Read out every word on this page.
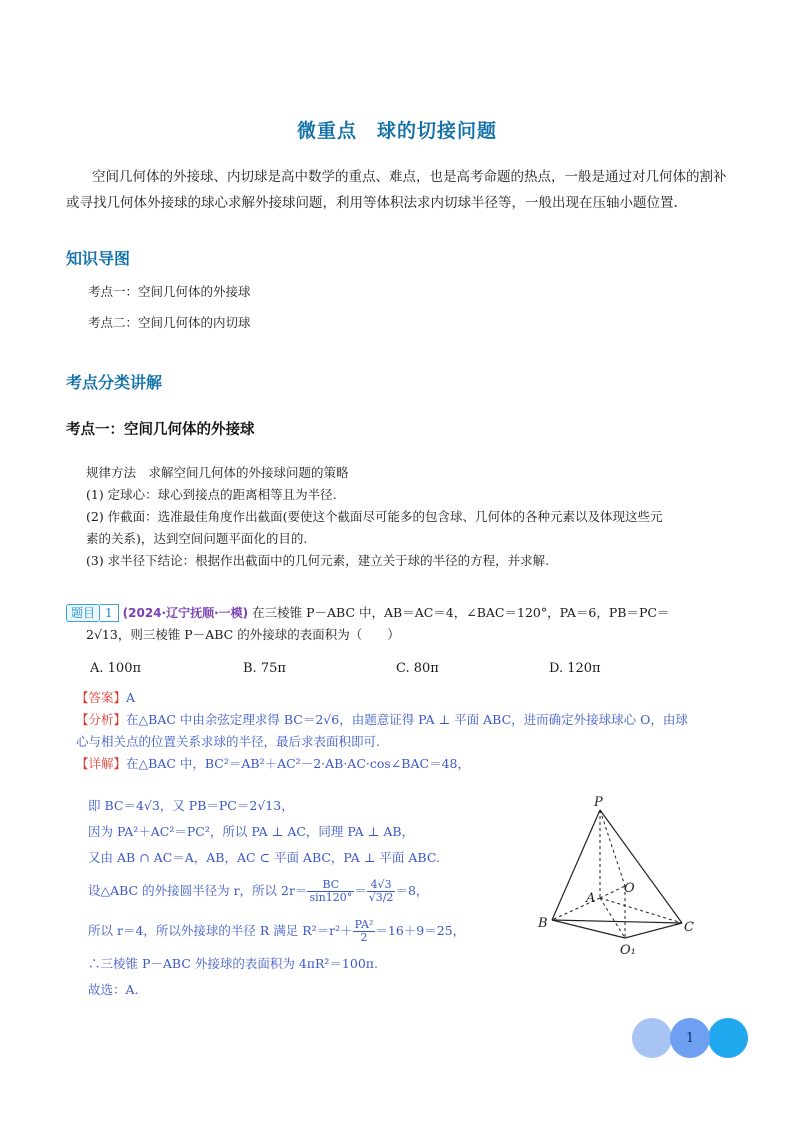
微重点　球的切接问题
空间几何体的外接球、内切球是高中数学的重点、难点，也是高考命题的热点，一般是通过对几何体的割补
或寻找几何体外接球的球心求解外接球问题，利用等体积法求内切球半径等，一般出现在压轴小题位置.
知识导图
考点一：空间几何体的外接球
考点二：空间几何体的内切球
考点分类讲解
考点一：空间几何体的外接球
规律方法　求解空间几何体的外接球问题的策略
(1) 定球心：球心到接点的距离相等且为半径.
(2) 作截面：选准最佳角度作出截面(要使这个截面尽可能多的包含球、几何体的各种元素以及体现这些元
素的关系)，达到空间问题平面化的目的.
(3) 求半径下结论：根据作出截面中的几何元素，建立关于球的半径的方程，并求解.
题目 1 (2024·辽宁抚顺·一模) 在三棱锥 P－ABC 中，AB＝AC＝4，∠BAC＝120°，PA＝6，PB＝PC＝
2√13，则三棱锥 P－ABC 的外接球的表面积为（　　）
A. 100π	B. 75π	C. 80π	D. 120π
【答案】A
【分析】在△BAC 中由余弦定理求得 BC＝2√6，由题意证得 PA ⊥ 平面 ABC，进而确定外接球球心 O，由球
心与相关点的位置关系求球的半径，最后求表面积即可.
【详解】在△BAC 中，BC²＝AB²＋AC²－2·AB·AC·cos∠BAC＝48，
即 BC＝4√3，又 PB＝PC＝2√13，
因为 PA²＋AC²＝PC²，所以 PA ⊥ AC，同理 PA ⊥ AB，
又由 AB ∩ AC＝A，AB，AC ⊂ 平面 ABC，PA ⊥ 平面 ABC.
设△ABC 的外接圆半径为 r，所以 $2r= \frac{BC}{\sin 120^\circ} = \frac{4√3}{√3/2} =8$，
所以 r＝4，所以外接球的半径 R 满足 $R^2=r^2+ \frac{\text{PA²}}{2} =16+9=25$，
∴三棱锥 P－ABC 外接球的表面积为 4πR²＝100π.
故选：A.
P
A
O
B	C
O₁
1
